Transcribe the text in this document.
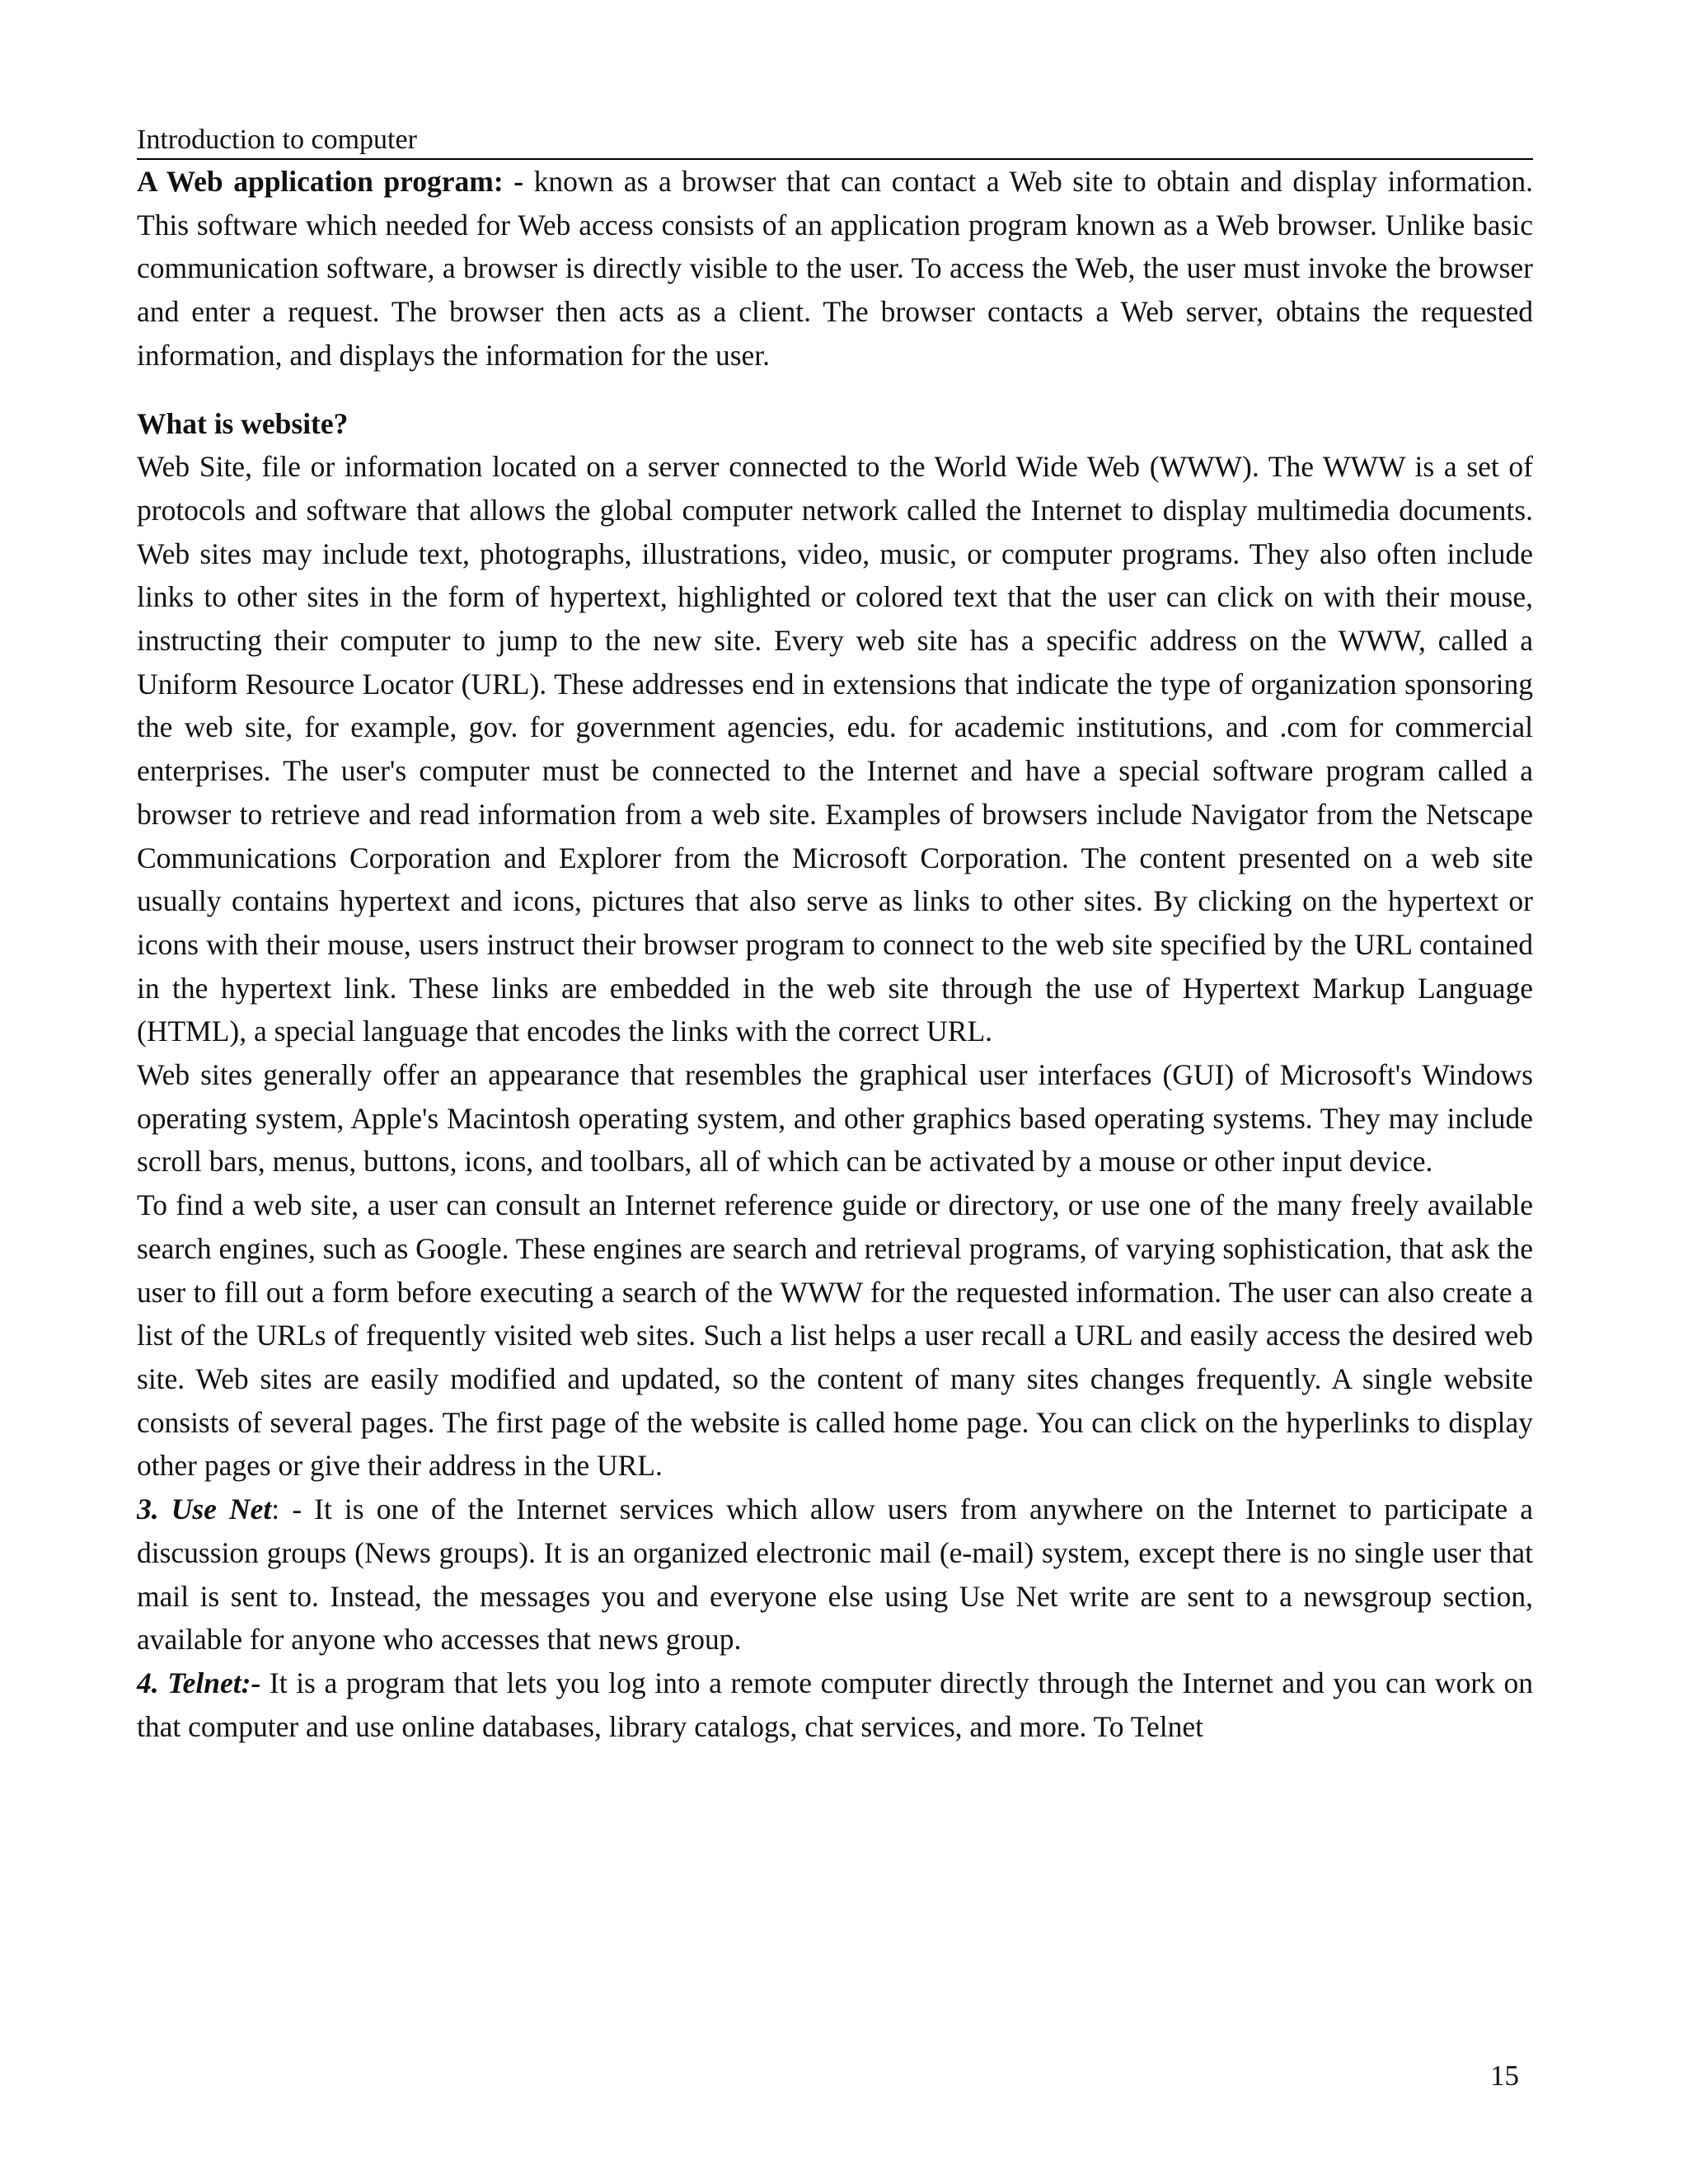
Introduction to computer

A Web application program: - known as a browser that can contact a Web site to obtain and display information. This software which needed for Web access consists of an application program known as a Web browser. Unlike basic communication software, a browser is directly visible to the user. To access the Web, the user must invoke the browser and enter a request. The browser then acts as a client. The browser contacts a Web server, obtains the requested information, and displays the information for the user.

What is website?

Web Site, file or information located on a server connected to the World Wide Web (WWW). The WWW is a set of protocols and software that allows the global computer network called the Internet to display multimedia documents. Web sites may include text, photographs, illustrations, video, music, or computer programs. They also often include links to other sites in the form of hypertext, highlighted or colored text that the user can click on with their mouse, instructing their computer to jump to the new site. Every web site has a specific address on the WWW, called a Uniform Resource Locator (URL). These addresses end in extensions that indicate the type of organization sponsoring the web site, for example, gov. for government agencies, edu. for academic institutions, and .com for commercial enterprises. The user's computer must be connected to the Internet and have a special software program called a browser to retrieve and read information from a web site. Examples of browsers include Navigator from the Netscape Communications Corporation and Explorer from the Microsoft Corporation. The content presented on a web site usually contains hypertext and icons, pictures that also serve as links to other sites. By clicking on the hypertext or icons with their mouse, users instruct their browser program to connect to the web site specified by the URL contained in the hypertext link. These links are embedded in the web site through the use of Hypertext Markup Language (HTML), a special language that encodes the links with the correct URL.

Web sites generally offer an appearance that resembles the graphical user interfaces (GUI) of Microsoft's Windows operating system, Apple's Macintosh operating system, and other graphics based operating systems. They may include scroll bars, menus, buttons, icons, and toolbars, all of which can be activated by a mouse or other input device.

To find a web site, a user can consult an Internet reference guide or directory, or use one of the many freely available search engines, such as Google. These engines are search and retrieval programs, of varying sophistication, that ask the user to fill out a form before executing a search of the WWW for the requested information. The user can also create a list of the URLs of frequently visited web sites. Such a list helps a user recall a URL and easily access the desired web site. Web sites are easily modified and updated, so the content of many sites changes frequently. A single website consists of several pages. The first page of the website is called home page. You can click on the hyperlinks to display other pages or give their address in the URL.

3. Use Net: - It is one of the Internet services which allow users from anywhere on the Internet to participate a discussion groups (News groups). It is an organized electronic mail (e-mail) system, except there is no single user that mail is sent to. Instead, the messages you and everyone else using Use Net write are sent to a newsgroup section, available for anyone who accesses that news group.

4. Telnet:- It is a program that lets you log into a remote computer directly through the Internet and you can work on that computer and use online databases, library catalogs, chat services, and more. To Telnet

15
